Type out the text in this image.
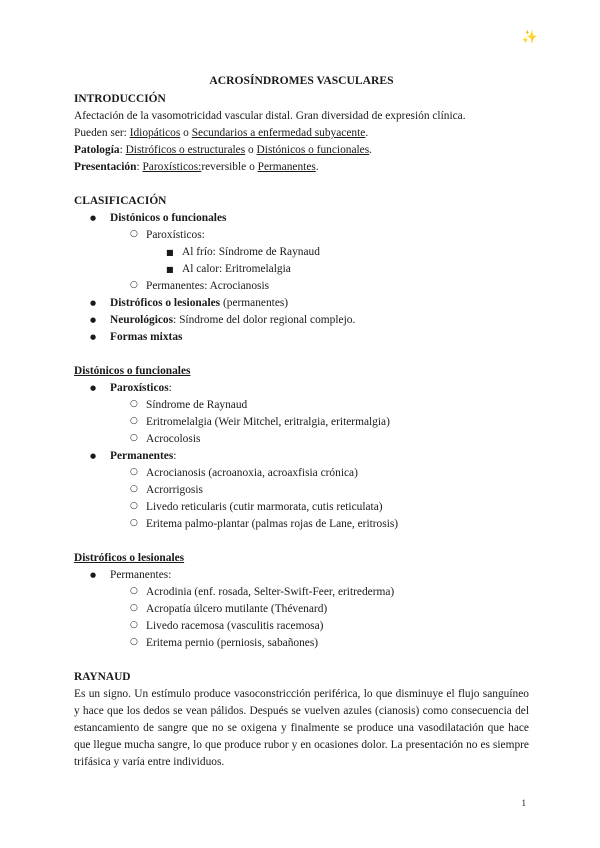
✨

ACROSÍNDROMES VASCULARES

INTRODUCCIÓN

Afectación de la vasomotricidad vascular distal. Gran diversidad de expresión clínica.

Pueden ser: Idiopáticos o Secundarios a enfermedad subyacente.

Patología: Distróficos o estructurales o Distónicos o funcionales.

Presentación: Paroxísticos:reversible o Permanentes.

CLASIFICACIÓN

● Distónicos o funcionales
○ Paroxísticos:
■ Al frío: Síndrome de Raynaud
■ Al calor: Eritromelalgia
○ Permanentes: Acrocianosis
● Distróficos o lesionales (permanentes)
● Neurológicos: Síndrome del dolor regional complejo.
● Formas mixtas

Distónicos o funcionales

● Paroxísticos:
○ Síndrome de Raynaud
○ Eritromelalgia (Weir Mitchel, eritralgia, eritermalgia)
○ Acrocolosis
● Permanentes:
○ Acrocianosis (acroanoxia, acroaxfisia crónica)
○ Acrorrigosis
○ Livedo reticularis (cutir marmorata, cutis reticulata)
○ Eritema palmo-plantar (palmas rojas de Lane, eritrosis)

Distróficos o lesionales

● Permanentes:
○ Acrodinia (enf. rosada, Selter-Swift-Feer, eritrederma)
○ Acropatía úlcero mutilante (Thévenard)
○ Livedo racemosa (vasculitis racemosa)
○ Eritema pernio (perniosis, sabañones)

RAYNAUD

Es un signo. Un estímulo produce vasoconstricción periférica, lo que disminuye el flujo sanguíneo y hace que los dedos se vean pálidos. Después se vuelven azules (cianosis) como consecuencia del estancamiento de sangre que no se oxigena y finalmente se produce una vasodilatación que hace que llegue mucha sangre, lo que produce rubor y en ocasiones dolor. La presentación no es siempre trifásica y varía entre individuos.

1
